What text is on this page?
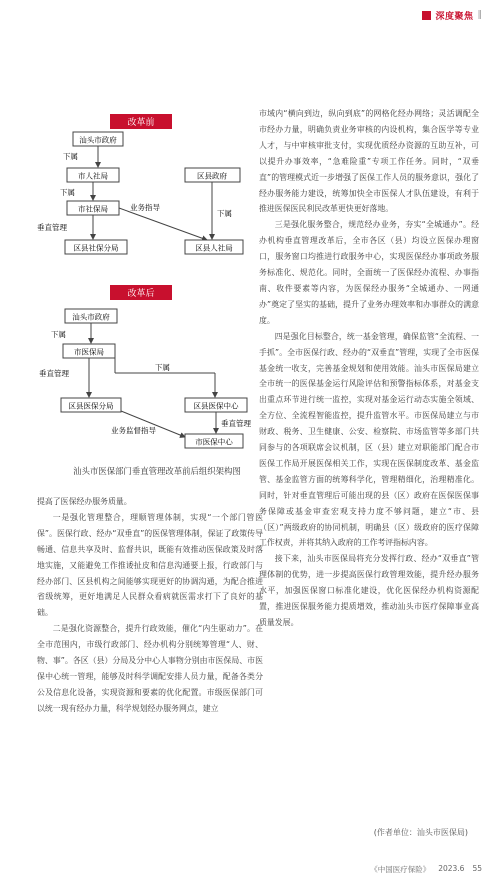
深度聚焦 ‖
改革前
汕头市政府
下属
市人社局	区县政府
下属
市社保局	业务指导
下属
垂直管理
区县社保分局	区县人社局
改革后
汕头市政府
下属
市医保局
垂直管理
下属
区县医保分局	区县医保中心
垂直管理
业务监督指导
市医保中心
汕头市医保部门垂直管理改革前后组织架构图

提高了医保经办服务质量。

一是强化管理整合，理顺管理体制，实现“一个部门管医保”。医保行政、经办“双垂直”的医保管理体制，保证了政策传导畅通、信息共享及时、监督共识，既能有效推动医保政策及时落地实施，又能避免工作推诿扯皮和信息沟通要上报，行政部门与经办部门、区县机构之间能够实现更好的协调沟通，为配合推进省级统筹，更好地满足人民群众看病就医需求打下了良好的基础。

二是强化资源整合，提升行政效能，催化“内生驱动力”。在全市范围内，市级行政部门、经办机构分别统筹管理“人、财、物、事”。各区（县）分局及分中心人事物分别由市医保局、市医保中心统一管理，能够及时科学调配安排人员力量，配备各类分公及信息化设备，实现资源和要素的优化配置。市级医保部门可以统一现有经办力量，科学规划经办服务网点，建立

市域内“横向到边，纵向到底”的网格化经办网络；灵活调配全市经办力量，明确负责业务审核的内设机构，集合医学等专业人才，与中审核审批支付，实现优质经办资源的互助互补，可以提升办事效率，“急难险重”专项工作任务。同时，“双垂直”的管理模式近一步增强了医保工作人员的服务意识，强化了经办服务能力建设，统筹加快全市医保人才队伍建设，有利于推进医保医民利民改革更快更好落地。

三是强化服务整合，规范经办业务，夯实“全城通办”。经办机构垂直管理改革后，全市各区（县）均设立医保办理窗口，服务窗口均推进行政服务中心，实现医保经办事项政务服务标准化、规范化。同时，全面统一了医保经办流程、办事指南、收件要素等内容，为医保经办服务“全城通办、一网通办”奠定了坚实的基础，提升了业务办理效率和办事群众的满意度。

四是强化目标整合，统一基金管理，确保监管“全流程、一手抓”。全市医保行政、经办的“双垂直”管理，实现了全市医保基金统一收支，完善基金规划和使用效能。汕头市医保局建立全市统一的医保基金运行风险评估和预警指标体系，对基金支出重点环节进行统一监控，实现对基金运行动态实施全领域、全方位、全流程智能监控，提升监管水平。市医保局建立与市财政、税务、卫生健康、公安、检察院、市场监管等多部门共同参与的各项联席会议机制，区（县）建立对职能部门配合市医保工作局开展医保相关工作，实现在医保制度改革、基金监管、基金监管方面的统筹科学化，管理精细化，治理精准化。同时，针对垂直管理后可能出现的县（区）政府在医保医保事务保障或基金审查宏观支持力度不够问题，建立“市、县（区）”两级政府的协同机制，明确县（区）级政府的医疗保障工作权责，并将其纳入政府的工作考评指标内容。

接下来，汕头市医保局将充分发挥行政、经办“双垂直”管理体制的优势，进一步提高医保行政管理效能，提升经办服务水平，加强医保窗口标准化建设，优化医保经办机构资源配置，推进医保服务能力提质增效，推动汕头市医疗保障事业高质量发展。

(作者单位：汕头市医保局)
《中国医疗保险》 2023.6 55
